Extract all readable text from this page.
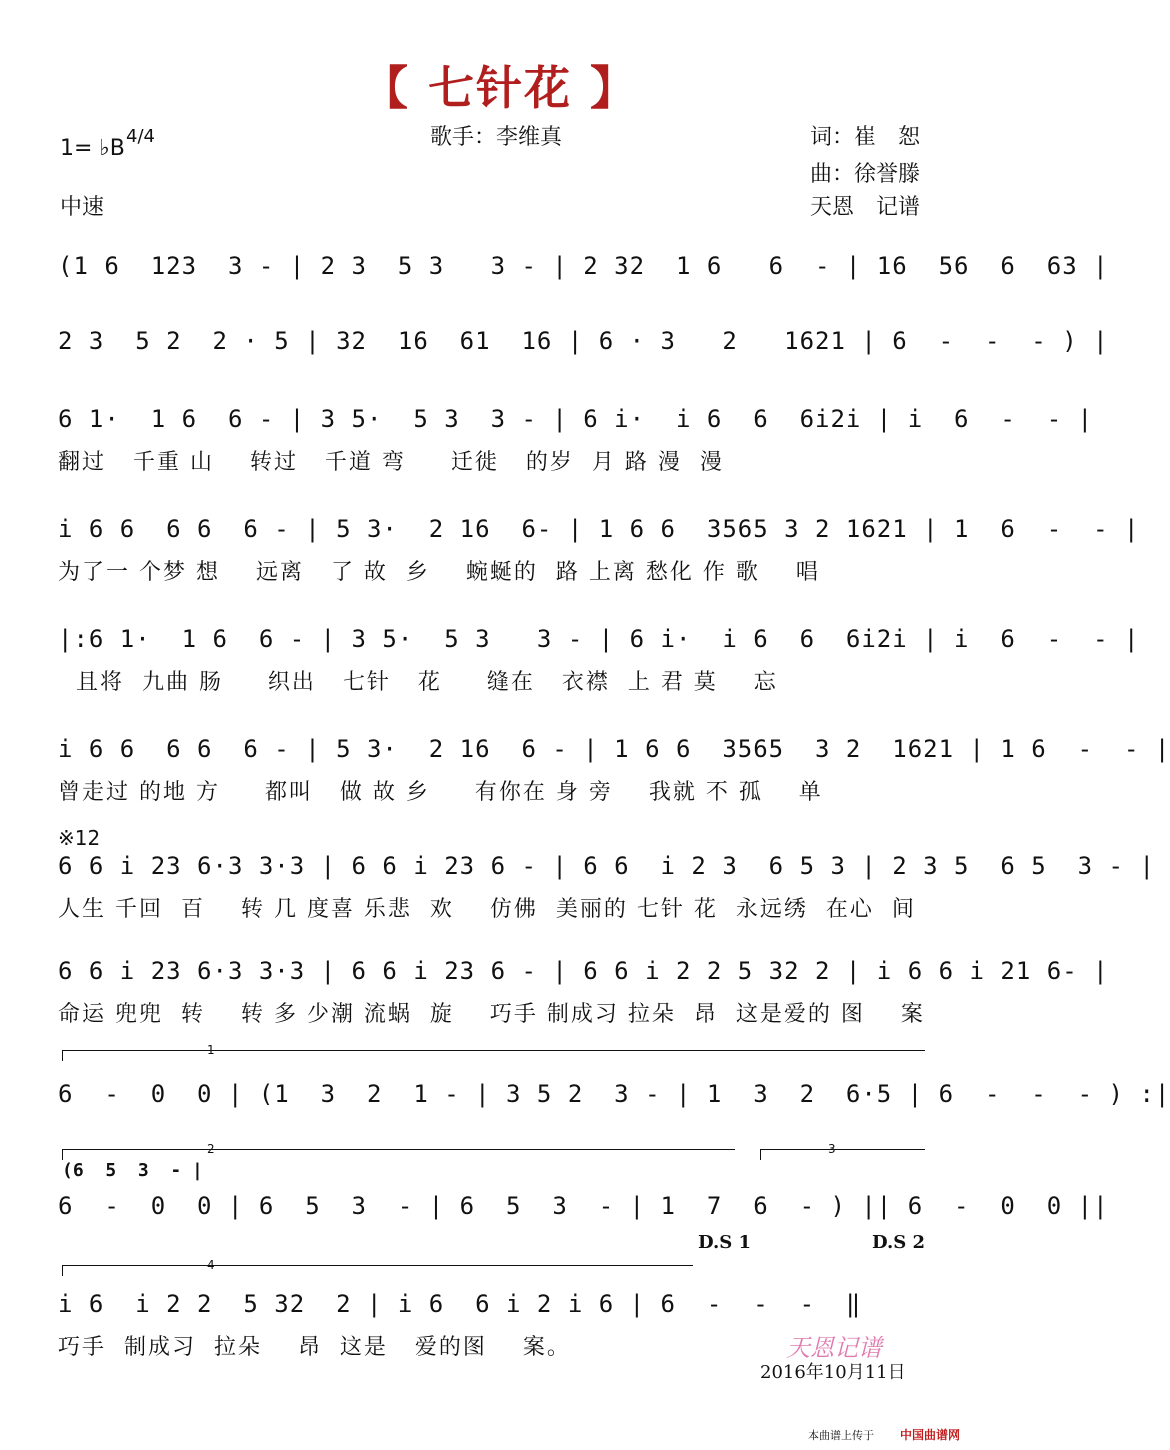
【 七针花 】
歌手：李维真
1= ♭B 4/4
中速
词：崔　恕
曲：徐誉滕
天恩　记谱
(1 6  123  3 - | 2 3  5 3   3 - | 2 32  1 6   6  - | 16  56  6  63 |
2 3  5 2  2 · 5 | 32  16  61  16 | 6 · 3   2   1621 | 6  -  -  - ) |
6 1·  1 6  6 - | 3 5·  5 3  3 - | 6 i·  i 6  6  6i2i | i  6  -  - |
翻过   千重 山    转过   千道 弯     迁徙   的岁  月 路 漫  漫
i 6 6  6 6  6 - | 5 3·  2 16  6- | 1 6 6  3565 3 2 1621 | 1  6  -  - |
为了一 个梦 想    远离   了 故  乡    蜿蜒的  路 上离 愁化 作 歌    唱
|:6 1·  1 6  6 - | 3 5·  5 3   3 - | 6 i·  i 6  6  6i2i | i  6  -  - |
且将  九曲 肠     织出   七针   花     缝在   衣襟  上 君 莫    忘
i 6 6  6 6  6 - | 5 3·  2 16  6 - | 1 6 6  3565  3 2  1621 | 1 6  -  - |
曾走过 的地 方     都叫   做 故 乡     有你在 身 旁    我就 不 孤    单
※12
6 6 i 23 6·3 3·3 | 6 6 i 23 6 - | 6 6  i 2 3  6 5 3 | 2 3 5  6 5  3 - |
人生 千回  百    转 几 度喜 乐悲  欢    仿佛  美丽的 七针 花  永远绣  在心  间
6 6 i 23 6·3 3·3 | 6 6 i 23 6 - | 6 6 i 2 2 5 32 2 | i 6 6 i 21 6- |
命运 兜兜  转    转 多 少潮 流蜗  旋    巧手 制成习 拉朵  昂  这是爱的 图    案
1
6  -  0  0 | (1  3  2  1 - | 3 5 2  3 - | 1  3  2  6·5 | 6  -  -  - ) :|
2	3
(6  5  3  - |
6  -  0  0 | 6  5  3  - | 6  5  3  - | 1  7  6  - ) || 6  -  0  0 ||
D.S 1	D.S 2
4
i 6  i 2 2  5 32  2 | i 6  6 i 2 i 6 | 6  -  -  -  ‖
巧手  制成习  拉朵    昂  这是   爱的图    案。	天恩记谱
2016年10月11日
本曲谱上传于 中国曲谱网
